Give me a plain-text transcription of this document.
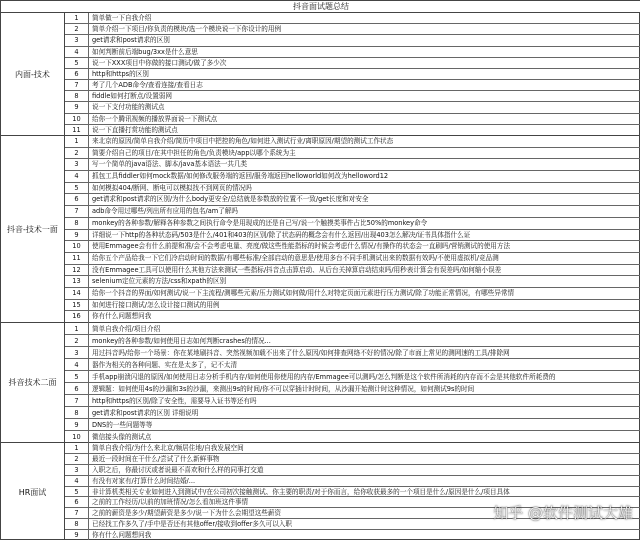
抖音面试题总结
内面-技术
1	简单做一下自我介绍
2	简单介绍一下项目/你负责的模块/选一个模块说一下你设计的用例
3	get请求和post请求的区别
4	如何判断前后端bug/3xx是什么意思
5	说一下XXX项目中你做的接口测试/做了多少次
6	http和https的区别
7	考了几个ADB命令/查看连接/查看日志
8	fiddle如何打断点/设置弱网
9	说一下支付功能的测试点
10	给你一个腾讯视频的播放界面说一下测试点
11	说一下直播打赏功能的测试点
抖音-技术一面
1	来北京的原因/简单自我介绍/简历中项目中把控的角色/如何进入测试行业/离职原因/期望的测试工作状态
2	简要介绍自己的项目/在其中担任的角色/负责模块/app以哪个系统为主
3	写一个简单的java语法、脚本/java基本语法一共几类
4	抓包工具fiddler如何mock数据/如何修改服务端的返回/服务端返回helloworld如何改为helloword12
5	如何模拟404/断网、断电可以模拟找不到网页的情况吗
6	get请求和post请求的区别/为什么body更安全/总结就是参数放的位置不一致/get长度和对安全
7	adb命令用过哪些/列出所有应用的包名/am了解吗
8	monkey的各种参数/解释各种参数之间执行命令是用现成的还是自己写/说一个触摸类事件占比50%的monkey命令
9	详细说一下http的各种状态码/503是什么/401和403的区别/除了状态码的概念会有什么返回/出现403怎么解决/证书具体指什么证
10	使用Emmagee会有什么前提和准/会不会考虑电量、亮度/做这些性能指标的时候会考虑什么情况/有操作的状态会一直刷吗/营销测试的使用方法
11	给你五个产品给我一下它们冷启动时间的数据/有哪些标准/全部启动的意思是/使用多台不同手机测试出来的数据有效吗/不使用虚拟机/竞品测
12	没有Emmagee工具可以使用什么其他方法来测试一些指标/抖音点击算启动、从后台关掉算启动结束吗/用秒表计算会有误差吗/如何缩小误差
13	selenium定位元素的方法/css和xpath的区别
14	给你一个抖音的界面/如何测试/说一下主流程/测哪些元素/压力测试如何做/用什么对特定页面元素进行压力测试/除了功能正常情况，有哪些异常情
15	如何进行接口测试/怎么设计接口测试的用例
16	你有什么问题想问我
抖音技术二面
1	简单自我介绍/项目介绍
2	monkey的各种参数/如何使用日志如何判断crashes的情况...
3	用过抖音吗/给你一个场景：你在某地刷抖音、突然视频加载不出来了什么原因/如何排查网络不好的情况/除了市面上常见的测网速的工具/排除网
4	器作为相关的各种问题、实在是太多了，记不太清
5	手机app崩溃闪退的原因/如何使用日志分析手机内存/如何使用你使用的内存/Emmagee可以测吗/怎么判断是这个软件所消耗的内存而不会是其他软件所耗费的
6	逻辑题：如何使用4s的沙漏和3s的沙漏，来测出9s的时间/你不可以穿插计时时间，从沙漏开始测计时这种情况，如何测试9s的时间
7	http和https的区别/除了安全性，需要导入证书等还有吗
8	get请求和post请求的区别 详细说明
9	DNS的一些问题等等
10	微信接头像的测试点
HR面试
1	简单自我介绍/为什么来北京/频居住地/自我发展空间
2	最近一段时间在干什么/尝试了什么新鲜事物
3	入职之后，你最讨厌或者说最不喜欢和什么样的同事打交道
4	有没有对家有/打算什么时间结婚/...
5	非计算机类相关专业如何进入到测试中/在公司初次接触测试、你主要的职责/对于你而言，给你收获最多的一个项目是什么/原因是什么/项目具体
6	之前的工作经历/以前的加班情况/怎么看加班这件事情
7	之前的薪资是多少/期望薪资是多少/说一下为什么会期望这些薪资
8	已经找工作多久了/手中是否还有其他offer/接收到offer多久可以入职
9	你有什么问题想问我
知乎 @软件测试大雄
